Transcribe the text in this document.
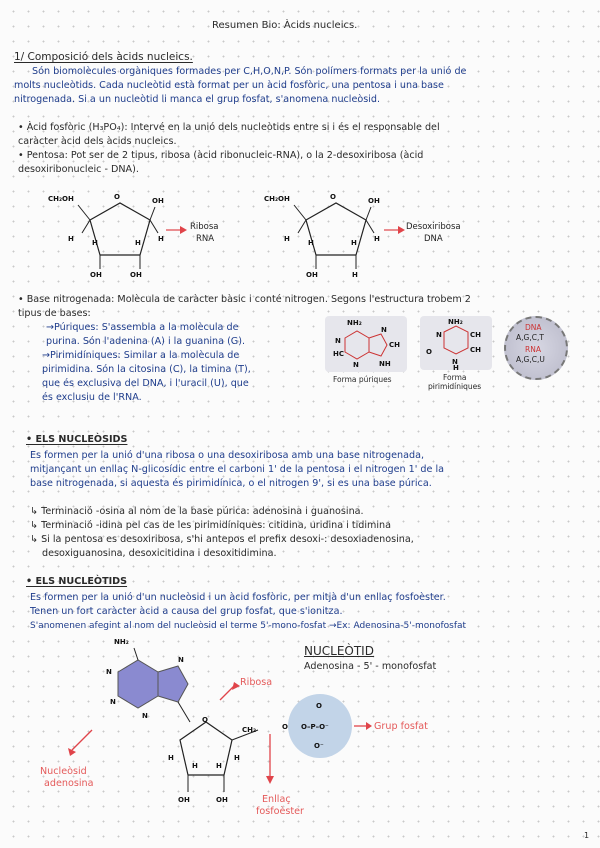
Resumen Bio: Àcids nucleics.
1/ Composició dels àcids nucleics.
Són biomolècules orgàniques formades per C,H,O,N,P. Són polímers formats per la unió de
molts nucleòtids. Cada nucleòtid està format per un àcid fosfòric, una pentosa i una base
nitrogenada. Si a un nucleòtid li manca el grup fosfat, s'anomena nucleòsid.
• Àcid fosfòric (H₃PO₄): Intervé en la unió dels nucleòtids entre si i és el responsable del
caràcter àcid dels àcids nucleics.
• Pentosa: Pot ser de 2 tipus, ribosa (àcid ribonucleic-RNA), o la 2-desoxiribosa (àcid
desoxiribonucleic - DNA).
O
CH₂OH	OH
H	H
OH	OH
H	H
Ribosa
RNA
O
CH₂OH	OH
H	H
OH	H
H	H
Desoxiribosa
DNA
• Base nitrogenada: Molècula de caràcter bàsic i conté nitrogen. Segons l'estructura trobem 2
tipus de bases:
→Púriques: S'assembla a la molècula de
purina. Són l'adenina (A) i la guanina (G).
→Pirimidíniques: Similar a la molècula de
pirimidina. Són la citosina (C), la timina (T),
que és exclusiva del DNA, i l'uracil (U), que
és exclusiu de l'RNA.
NH₂
N
HC
N
N
CH
NH
Forma púriques
NH₂
N	CH
CH
O
N
H
Forma
pirimidíniques
DNA
A,G,C,T
RNA
A,G,C,U
• ELS NUCLEÒSIDS
Es formen per la unió d'una ribosa o una desoxiribosa amb una base nitrogenada,
mitjançant un enllaç N-glicosídic entre el carboni 1' de la pentosa i el nitrogen 1' de la
base nitrogenada, si aquesta és pirimidínica, o el nitrogen 9', si es una base púrica.
↳ Terminació -osina al nom de la base púrica: adenosina i guanosina.
↳ Terminació -idina pel cas de les pirimidíniques: citidina, uridina i tidimina
↳ Si la pentosa es desoxiribosa, s'hi antepos el prefix desoxi-: desoxiadenosina,
desoxiguanosina, desoxicitidina i desoxitidimina.
• ELS NUCLEÒTIDS
Es formen per la unió d'un nucleòsid i un àcid fosfòric, per mitjà d'un enllaç fosfoèster.
Tenen un fort caràcter àcid a causa del grup fosfat, que s'ionitza.
S'anomenen afegint al nom del nucleòsid el terme 5'-mono-fosfat →Ex: Adenosina-5'-monofosfat
NUCLEÒTID
Adenosina - 5' - monofosfat
NH₂
N
N
N
N
O
CH₂
OH	OH
H	H
H	H
O O–P–O⁻
O
O⁻
Ribosa
Grup fosfat
Nucleòsid
adenosina
Enllaç
fosfoèster
1
